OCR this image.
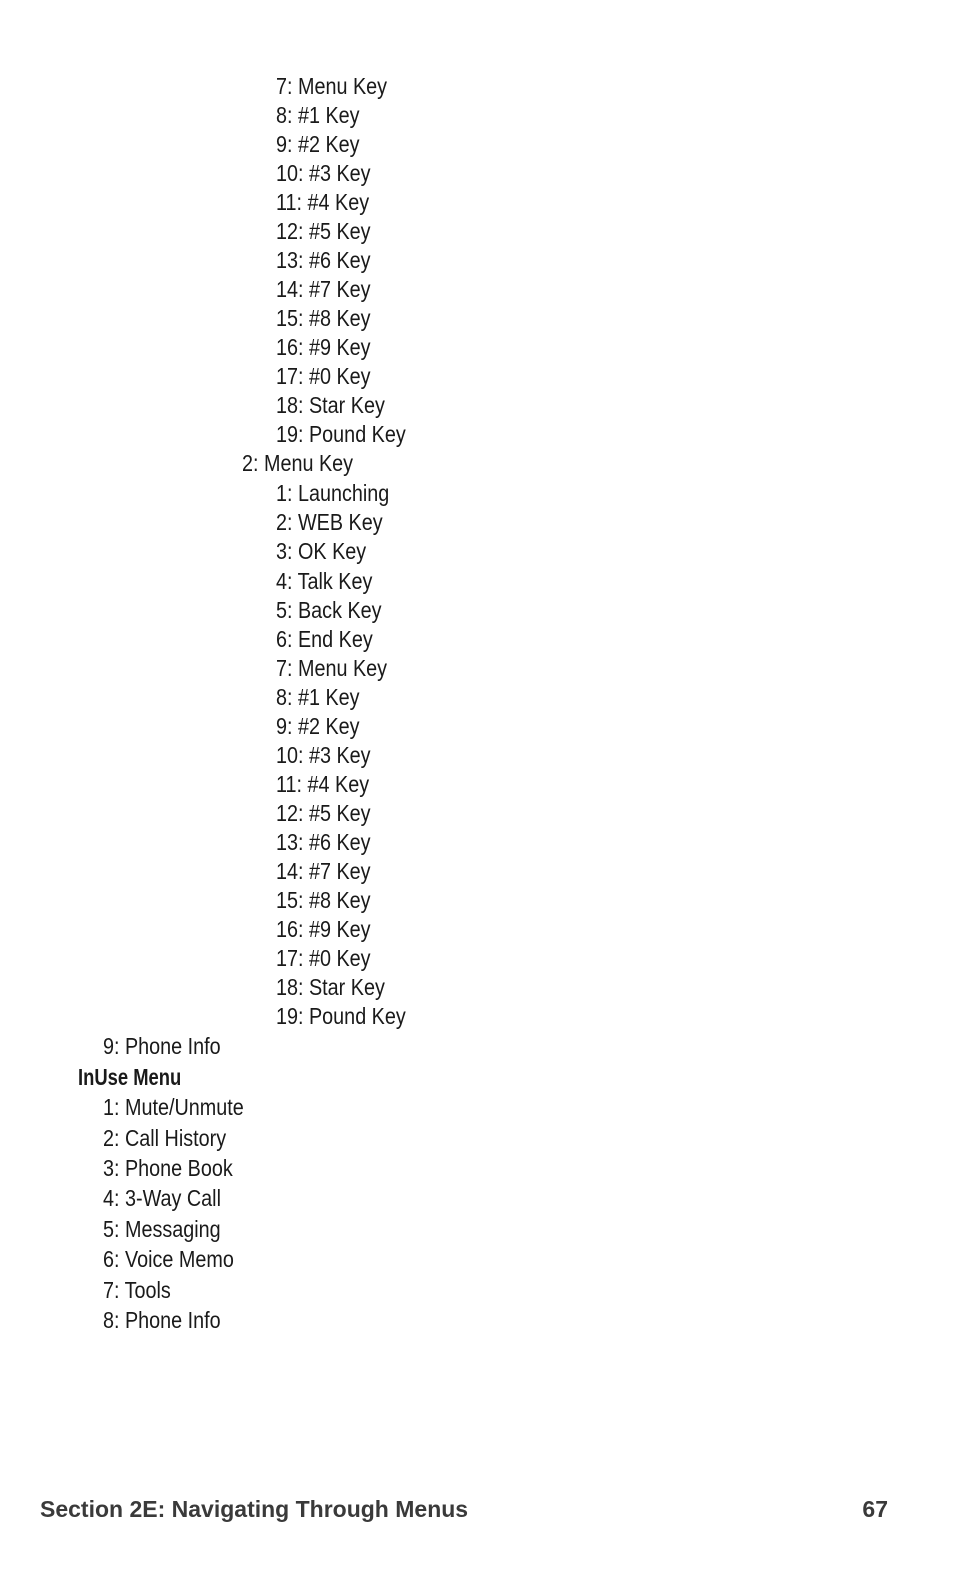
7: Menu Key
8: #1 Key
9: #2 Key
10: #3 Key
11: #4 Key
12: #5 Key
13: #6 Key
14: #7 Key
15: #8 Key
16: #9 Key
17: #0 Key
18: Star Key
19: Pound Key
2: Menu Key
1: Launching
2: WEB Key
3: OK Key
4: Talk Key
5: Back Key
6: End Key
7: Menu Key
8: #1 Key
9: #2 Key
10: #3 Key
11: #4 Key
12: #5 Key
13: #6 Key
14: #7 Key
15: #8 Key
16: #9 Key
17: #0 Key
18: Star Key
19: Pound Key
9: Phone Info
InUse Menu
1: Mute/Unmute
2: Call History
3: Phone Book
4: 3-Way Call
5: Messaging
6: Voice Memo
7: Tools
8: Phone Info
Section 2E: Navigating Through Menus	67
